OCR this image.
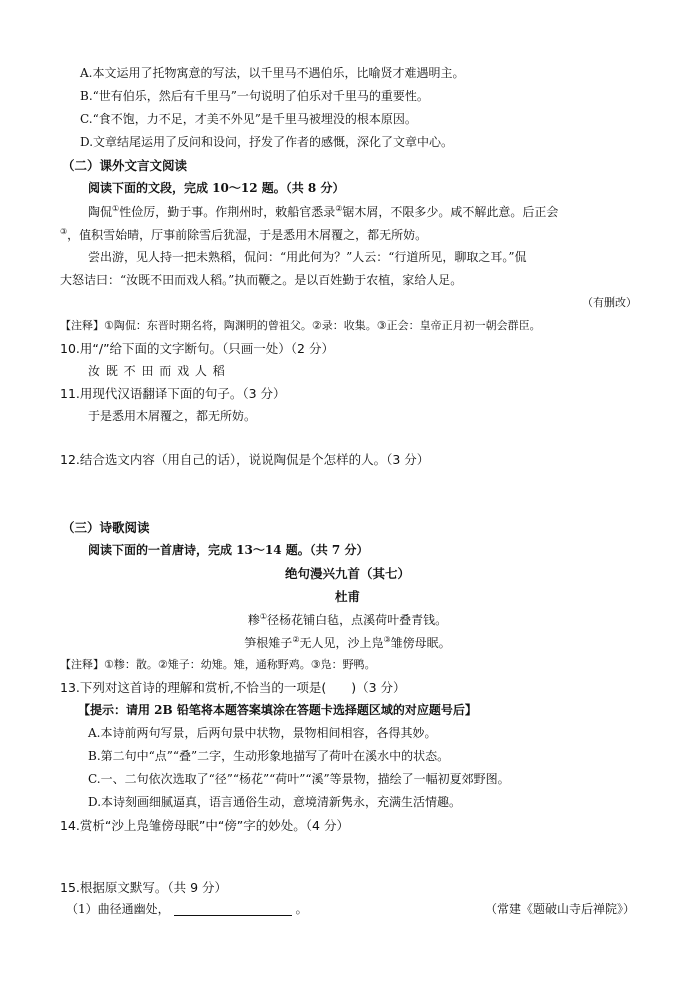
A.本文运用了托物寓意的写法，以千里马不遇伯乐，比喻贤才难遇明主。
B.“世有伯乐，然后有千里马”一句说明了伯乐对千里马的重要性。
C.“食不饱，力不足，才美不外见”是千里马被埋没的根本原因。
D.文章结尾运用了反问和设问，抒发了作者的感慨，深化了文章中心。
（二）课外文言文阅读
阅读下面的文段，完成 10～12 题。（共 8 分）
陶侃①性俭厉，勤于事。作荆州时，敕船官悉录②锯木屑，不限多少。咸不解此意。后正会
③，值积雪始晴，厅事前除雪后犹湿，于是悉用木屑覆之，都无所妨。
尝出游，见人持一把未熟稻，侃问：“用此何为？”人云：“行道所见，聊取之耳。”侃
大怒诘曰：“汝既不田而戏人稻。”执而鞭之。是以百姓勤于农植，家给人足。
（有删改）
【注释】①陶侃：东晋时期名将，陶渊明的曾祖父。②录：收集。③正会：皇帝正月初一朝会群臣。
10.用“/”给下面的文字断句。（只画一处）（2 分）
汝 既 不 田 而 戏 人 稻
11.用现代汉语翻译下面的句子。（3 分）
于是悉用木屑覆之，都无所妨。
12.结合选文内容（用自己的话），说说陶侃是个怎样的人。（3 分）
（三）诗歌阅读
阅读下面的一首唐诗，完成 13～14 题。（共 7 分）
绝句漫兴九首（其七）
杜甫
糁①径杨花铺白毡，点溪荷叶叠青钱。
笋根雉子②无人见，沙上凫③雏傍母眠。
【注释】①糁：散。②雉子：幼雉。雉，通称野鸡。③凫：野鸭。
13.下列对这首诗的理解和赏析,不恰当的一项是(　　)（3 分）
【提示：请用 2B 铅笔将本题答案填涂在答题卡选择题区域的对应题号后】
A.本诗前两句写景，后两句景中状物，景物相间相容，各得其妙。
B.第二句中“点”“叠”二字，生动形象地描写了荷叶在溪水中的状态。
C.一、二句依次选取了“径”“杨花”“荷叶”“溪”等景物，描绘了一幅初夏郊野图。
D.本诗刻画细腻逼真，语言通俗生动，意境清新隽永，充满生活情趣。
14.赏析“沙上凫雏傍母眠”中“傍”字的妙处。（4 分）
15.根据原文默写。（共 9 分）
（1）曲径通幽处，	。	（常建《题破山寺后禅院》）
